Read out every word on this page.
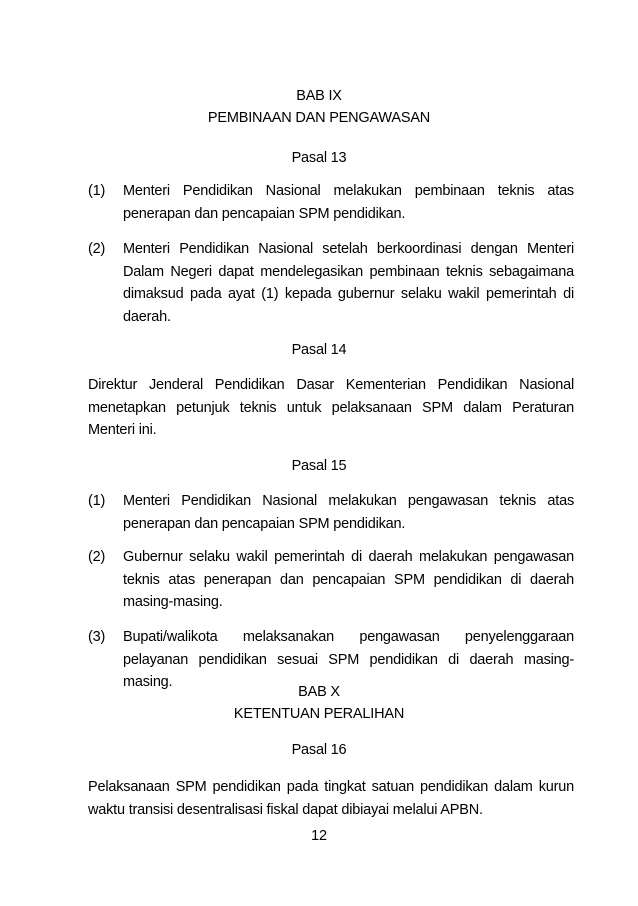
BAB IX
PEMBINAAN DAN PENGAWASAN
Pasal 13
(1)	Menteri Pendidikan Nasional melakukan pembinaan teknis atas penerapan dan pencapaian SPM pendidikan.
(2)	Menteri Pendidikan Nasional setelah berkoordinasi dengan Menteri Dalam Negeri dapat mendelegasikan pembinaan teknis sebagaimana dimaksud pada ayat (1) kepada gubernur selaku wakil pemerintah di daerah.
Pasal 14
Direktur Jenderal Pendidikan Dasar Kementerian Pendidikan Nasional menetapkan petunjuk teknis untuk pelaksanaan SPM dalam Peraturan Menteri ini.
Pasal 15
(1)	Menteri Pendidikan Nasional melakukan pengawasan teknis atas penerapan dan pencapaian SPM pendidikan.
(2)	Gubernur selaku wakil pemerintah di daerah melakukan pengawasan teknis atas penerapan dan pencapaian SPM pendidikan di daerah masing-masing.
(3)	Bupati/walikota melaksanakan pengawasan penyelenggaraan pelayanan pendidikan sesuai SPM pendidikan di daerah masing-masing.
BAB X
KETENTUAN PERALIHAN
Pasal 16
Pelaksanaan SPM pendidikan pada tingkat satuan pendidikan dalam kurun waktu transisi desentralisasi fiskal dapat dibiayai melalui APBN.
12
